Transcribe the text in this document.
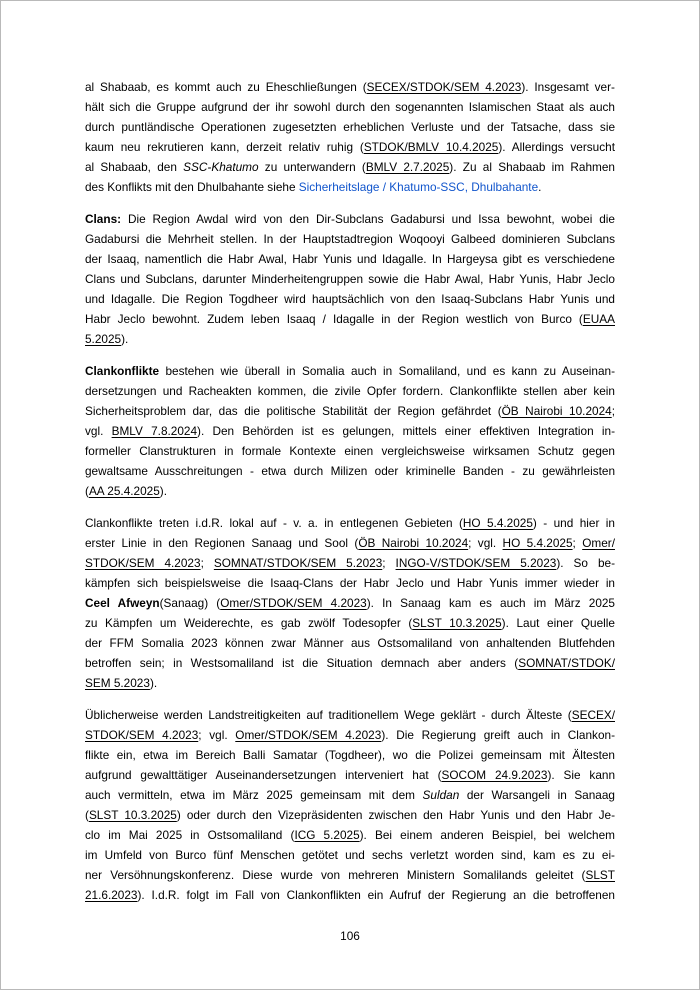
al Shabaab, es kommt auch zu Eheschließungen (SECEX/STDOK/SEM 4.2023). Insgesamt ver-
hält sich die Gruppe aufgrund der ihr sowohl durch den sogenannten Islamischen Staat als auch
durch puntländische Operationen zugesetzten erheblichen Verluste und der Tatsache, dass sie
kaum neu rekrutieren kann, derzeit relativ ruhig (STDOK/BMLV 10.4.2025). Allerdings versucht
al Shabaab, den SSC-Khatumo zu unterwandern (BMLV 2.7.2025). Zu al Shabaab im Rahmen
des Konflikts mit den Dhulbahante siehe Sicherheitslage / Khatumo-SSC, Dhulbahante.
Clans: Die Region Awdal wird von den Dir-Subclans Gadabursi und Issa bewohnt, wobei die
Gadabursi die Mehrheit stellen. In der Hauptstadtregion Woqooyi Galbeed dominieren Subclans
der Isaaq, namentlich die Habr Awal, Habr Yunis und Idagalle. In Hargeysa gibt es verschiedene
Clans und Subclans, darunter Minderheitengruppen sowie die Habr Awal, Habr Yunis, Habr Jeclo
und Idagalle. Die Region Togdheer wird hauptsächlich von den Isaaq-Subclans Habr Yunis und
Habr Jeclo bewohnt. Zudem leben Isaaq / Idagalle in der Region westlich von Burco (EUAA
5.2025).
Clankonflikte bestehen wie überall in Somalia auch in Somaliland, und es kann zu Auseinan-
dersetzungen und Racheakten kommen, die zivile Opfer fordern. Clankonflikte stellen aber kein
Sicherheitsproblem dar, das die politische Stabilität der Region gefährdet (ÖB Nairobi 10.2024;
vgl. BMLV 7.8.2024). Den Behörden ist es gelungen, mittels einer effektiven Integration in-
formeller Clanstrukturen in formale Kontexte einen vergleichsweise wirksamen Schutz gegen
gewaltsame Ausschreitungen - etwa durch Milizen oder kriminelle Banden - zu gewährleisten
(AA 25.4.2025).
Clankonflikte treten i.d.R. lokal auf - v. a. in entlegenen Gebieten (HO 5.4.2025) - und hier in
erster Linie in den Regionen Sanaag und Sool (ÖB Nairobi 10.2024; vgl. HO 5.4.2025; Omer/
STDOK/SEM 4.2023; SOMNAT/STDOK/SEM 5.2023; INGO-V/STDOK/SEM 5.2023). So be-
kämpfen sich beispielsweise die Isaaq-Clans der Habr Jeclo und Habr Yunis immer wieder in
Ceel Afweyn(Sanaag) (Omer/STDOK/SEM 4.2023). In Sanaag kam es auch im März 2025
zu Kämpfen um Weiderechte, es gab zwölf Todesopfer (SLST 10.3.2025). Laut einer Quelle
der FFM Somalia 2023 können zwar Männer aus Ostsomaliland von anhaltenden Blutfehden
betroffen sein; in Westsomaliland ist die Situation demnach aber anders (SOMNAT/STDOK/
SEM 5.2023).
Üblicherweise werden Landstreitigkeiten auf traditionellem Wege geklärt - durch Älteste (SECEX/
STDOK/SEM 4.2023; vgl. Omer/STDOK/SEM 4.2023). Die Regierung greift auch in Clankon-
flikte ein, etwa im Bereich Balli Samatar (Togdheer), wo die Polizei gemeinsam mit Ältesten
aufgrund gewalttätiger Auseinandersetzungen interveniert hat (SOCOM 24.9.2023). Sie kann
auch vermitteln, etwa im März 2025 gemeinsam mit dem Suldan der Warsangeli in Sanaag
(SLST 10.3.2025) oder durch den Vizepräsidenten zwischen den Habr Yunis und den Habr Je-
clo im Mai 2025 in Ostsomaliland (ICG 5.2025). Bei einem anderen Beispiel, bei welchem
im Umfeld von Burco fünf Menschen getötet und sechs verletzt worden sind, kam es zu ei-
ner Versöhnungskonferenz. Diese wurde von mehreren Ministern Somalilands geleitet (SLST
21.6.2023). I.d.R. folgt im Fall von Clankonflikten ein Aufruf der Regierung an die betroffenen
106
